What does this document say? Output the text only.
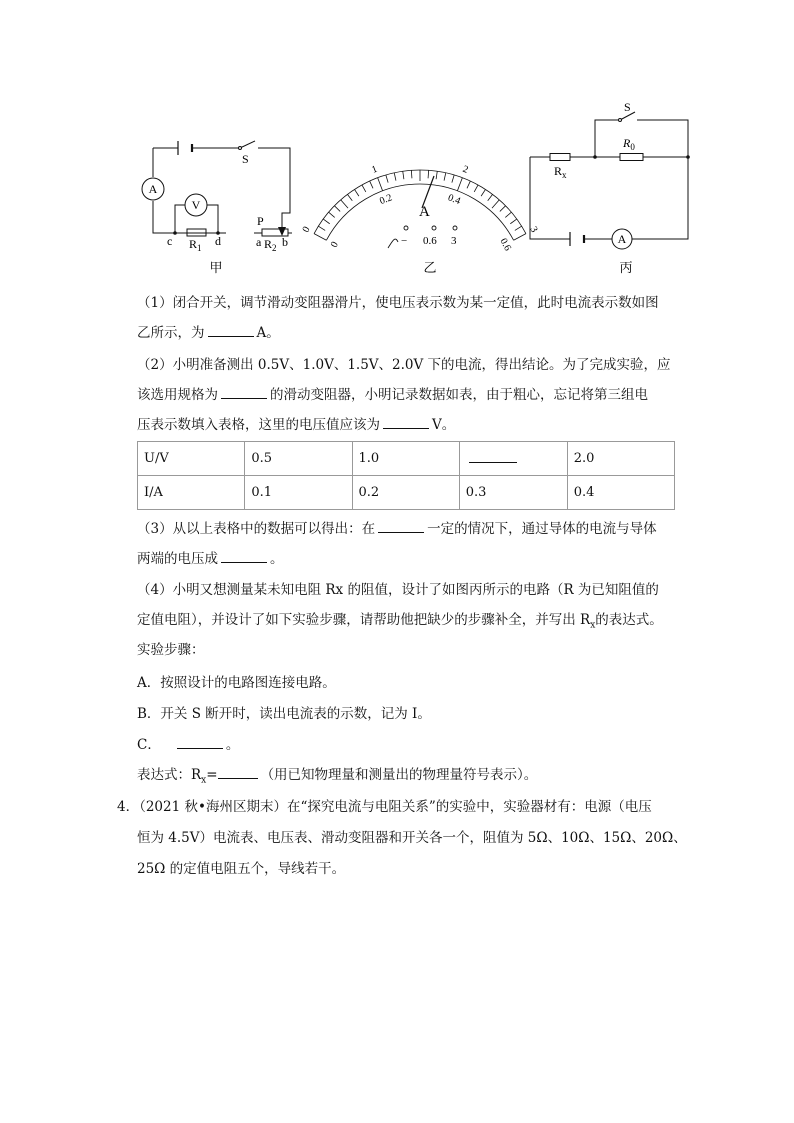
A
V
S
P
c $R_1$ d	a $R_2$ b
甲
0
1	2
3
0
0.2	0.4
0.6
A
− 0.6 3
乙
S
$R_0$
$R_x$
A
丙
（1）闭合开关，调节滑动变阻器滑片，使电压表示数为某一定值，此时电流表示数如图
乙所示，为	A。
（2）小明准备测出 0.5V、1.0V、1.5V、2.0V 下的电流，得出结论。为了完成实验，应
该选用规格为	的滑动变阻器，小明记录数据如表，由于粗心，忘记将第三组电
压表示数填入表格，这里的电压值应该为	V。
U/V	0.5	1.0		2.0
I/A	0.1	0.2	0.3	0.4
（3）从以上表格中的数据可以得出：在	一定的情况下，通过导体的电流与导体
两端的电压成	。
（4）小明又想测量某未知电阻 Rx 的阻值，设计了如图丙所示的电路（R 为已知阻值的
定值电阻），并设计了如下实验步骤，请帮助他把缺少的步骤补全，并写出 $R_x$的表达式。
实验步骤：
A．按照设计的电路图连接电路。
B．开关 S 断开时，读出电流表的示数，记为 I。
C．	。
表达式：$R_x=$	（用已知物理量和测量出的物理量符号表示）。
4．（2021 秋•海州区期末）在“探究电流与电阻关系”的实验中，实验器材有：电源（电压
恒为 4.5V）电流表、电压表、滑动变阻器和开关各一个，阻值为 5Ω、10Ω、15Ω、20Ω、
25Ω 的定值电阻五个，导线若干。
